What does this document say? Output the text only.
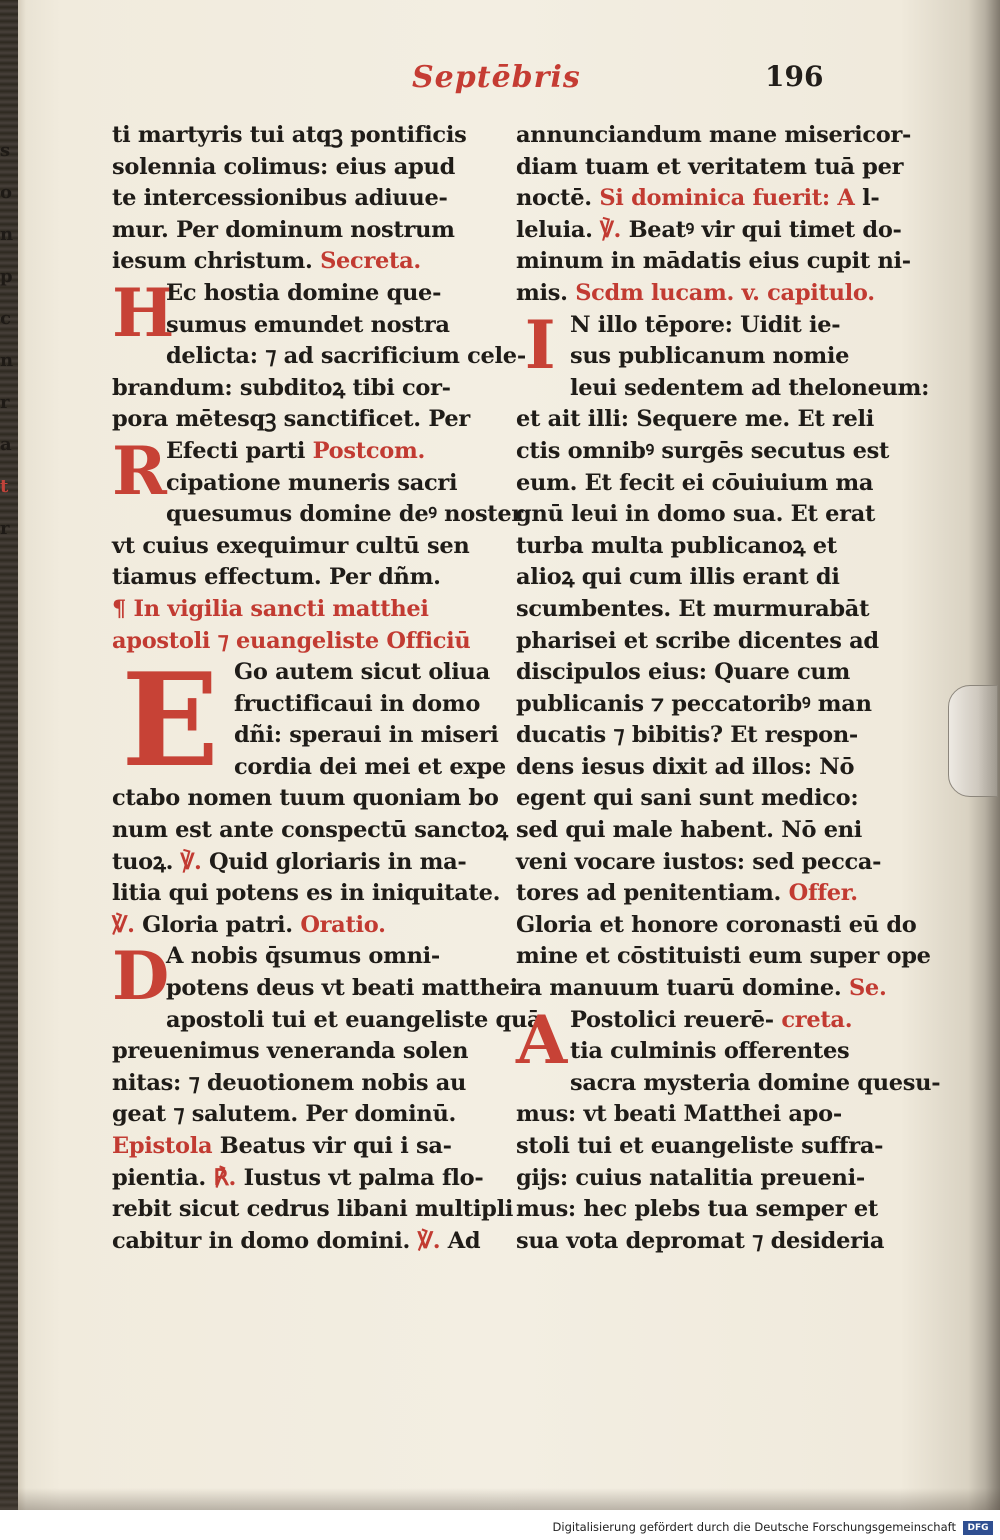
s
o
n
p
c
n
r
a
t
r
Septēbris	196
ti martyris tui atqꝫ pontificis
solennia colimus: eius apud
te intercessionibus adiuue-
mur. Per dominum nostrum
iesum christum. Secreta.
H
Ec hostia domine que-
sumus emundet nostra
delicta: ⁊ ad sacrificium cele-
brandum: subditoꝝ tibi cor-
pora mētesqꝫ sanctificet. Per
R Efecti parti Postcom.
cipatione muneris sacri
quesumus domine deꝰ noster
vt cuius exequimur cultū sen
tiamus effectum. Per dñm.
¶ In vigilia sancti matthei
apostoli ⁊ euangeliste Officiū
E Go autem sicut oliua
fructificaui in domo
dñi: speraui in miseri
cordia dei mei et expe
ctabo nomen tuum quoniam bo
num est ante conspectū sanctoꝝ
tuoꝝ. ℣. Quid gloriaris in ma-
litia qui potens es in iniquitate.
℣. Gloria patri. Oratio.
D
A nobis q̄sumus omni-
potens deus vt beati matthei
apostoli tui et euangeliste quā
preuenimus veneranda solen
nitas: ⁊ deuotionem nobis au
geat ⁊ salutem. Per dominū.
Epistola Beatus vir qui i sa-
pientia. ℟. Iustus vt palma flo-
rebit sicut cedrus libani multipli
cabitur in domo domini. ℣. Ad
annunciandum mane misericor-
diam tuam et veritatem tuā per
noctē. Si dominica fuerit: A l-
leluia. ℣. Beatꝰ vir qui timet do-
minum in mādatis eius cupit ni-
mis. Scdm lucam. v. capitulo.
I N illo tēpore: Uidit ie-
sus publicanum nomie
leui sedentem ad theloneum:
et ait illi: Sequere me. Et reli
ctis omnibꝰ surgēs secutus est
eum. Et fecit ei cōuiuium ma
gnū leui in domo sua. Et erat
turba multa publicanoꝝ et
alioꝝ qui cum illis erant di
scumbentes. Et murmurabāt
pharisei et scribe dicentes ad
discipulos eius: Quare cum
publicanis ⁊ peccatoribꝰ man
ducatis ⁊ bibitis? Et respon-
dens iesus dixit ad illos: Nō
egent qui sani sunt medico:
sed qui male habent. Nō eni
veni vocare iustos: sed pecca-
tores ad penitentiam. Offer.
Gloria et honore coronasti eū do
mine et cōstituisti eum super ope
ra manuum tuarū domine. Se.
A Postolici reuerē- creta.
tia culminis offerentes
sacra mysteria domine quesu-
mus: vt beati Matthei apo-
stoli tui et euangeliste suffra-
gijs: cuius natalitia preueni-
mus: hec plebs tua semper et
sua vota depromat ⁊ desideria
Digitalisierung gefördert durch die Deutsche Forschungsgemeinschaft	DFG
